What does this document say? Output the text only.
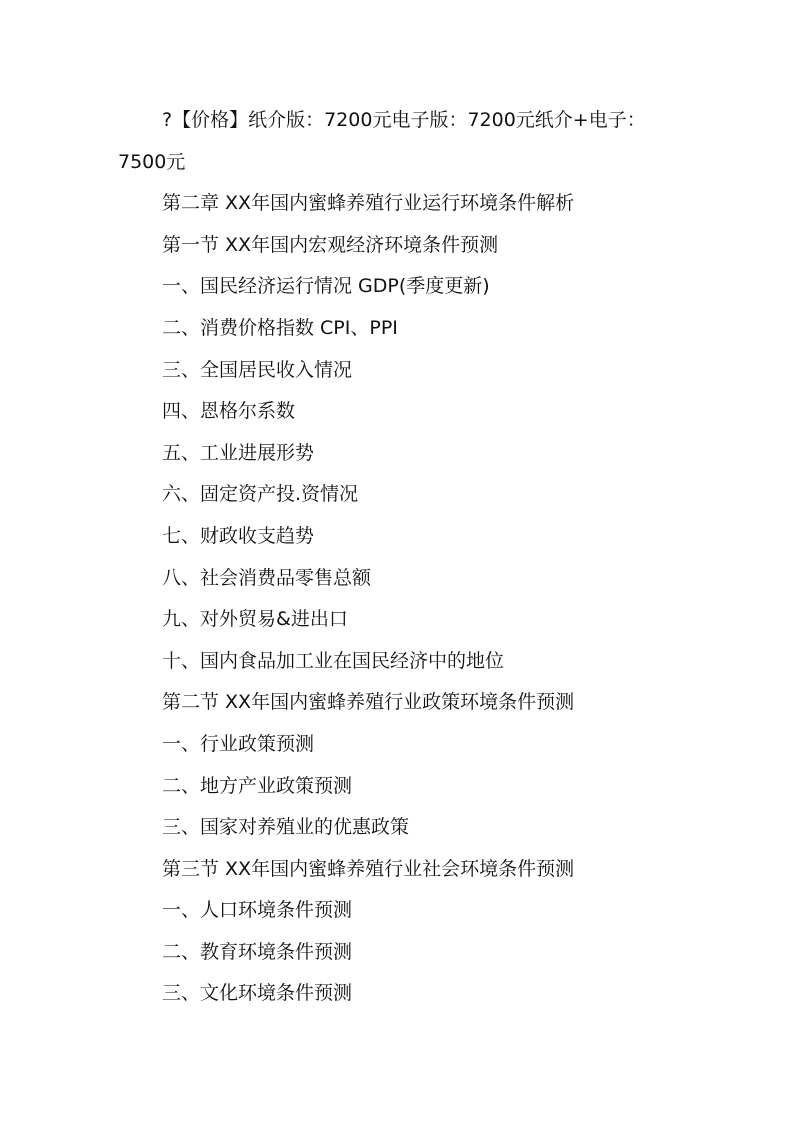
?【价格】纸介版：7200元电子版：7200元纸介+电子：

7500元

第二章 XX年国内蜜蜂养殖行业运行环境条件解析

第一节 XX年国内宏观经济环境条件预测

一、国民经济运行情况 GDP(季度更新)

二、消费价格指数 CPI、PPI

三、全国居民收入情况

四、恩格尔系数

五、工业进展形势

六、固定资产投.资情况

七、财政收支趋势

八、社会消费品零售总额

九、对外贸易&进出口

十、国内食品加工业在国民经济中的地位

第二节 XX年国内蜜蜂养殖行业政策环境条件预测

一、行业政策预测

二、地方产业政策预测

三、国家对养殖业的优惠政策

第三节 XX年国内蜜蜂养殖行业社会环境条件预测

一、人口环境条件预测

二、教育环境条件预测

三、文化环境条件预测
